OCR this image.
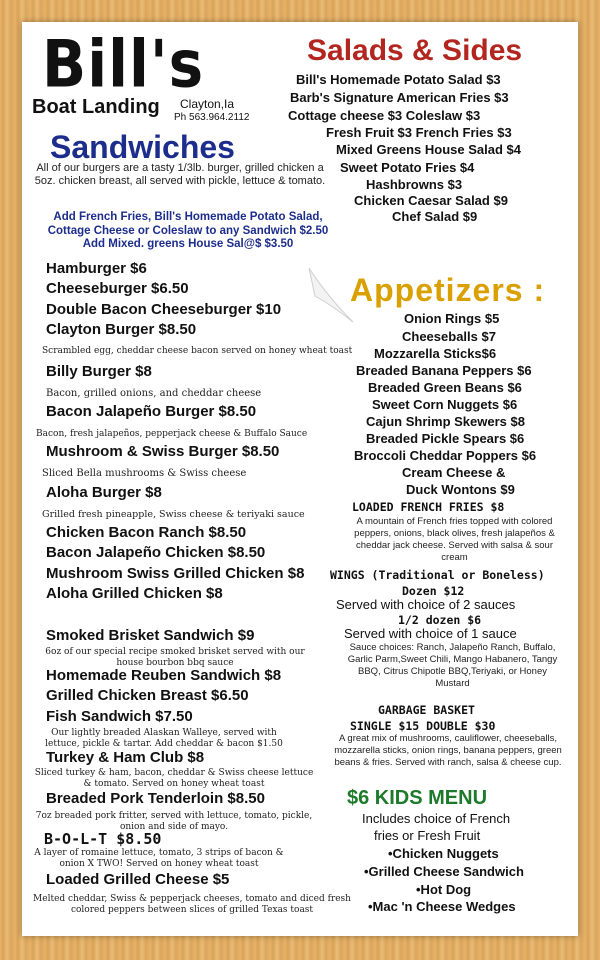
Bill's
Boat Landing Clayton,Ia
Ph 563.964.2112
Sandwiches
All of our burgers are a tasty 1/3lb. burger, grilled chicken a 5oz. chicken breast, all served with pickle, lettuce & tomato.
Add French Fries, Bill's Homemade Potato Salad,
Cottage Cheese or Coleslaw to any Sandwich $2.50
Add Mixed. greens House Sal@$ $3.50
Hamburger $6
Cheeseburger $6.50
Double Bacon Cheeseburger $10
Clayton Burger $8.50
Scrambled egg, cheddar cheese bacon served on honey wheat toast
Billy Burger $8
Bacon, grilled onions, and cheddar cheese
Bacon Jalapeño Burger $8.50
Bacon, fresh jalapeños, pepperjack cheese & Buffalo Sauce
Mushroom & Swiss Burger $8.50
Sliced Bella mushrooms & Swiss cheese
Aloha Burger $8
Grilled fresh pineapple, Swiss cheese & teriyaki sauce
Chicken Bacon Ranch $8.50
Bacon Jalapeño Chicken $8.50
Mushroom Swiss Grilled Chicken $8
Aloha Grilled Chicken $8
Smoked Brisket Sandwich $9
6oz of our special recipe smoked brisket served with our house bourbon bbq sauce
Homemade Reuben Sandwich $8
Grilled Chicken Breast $6.50
Fish Sandwich $7.50
Our lightly breaded Alaskan Walleye, served with lettuce, pickle & tartar. Add cheddar & bacon $1.50
Turkey & Ham Club $8
Sliced turkey & ham, bacon, cheddar & Swiss cheese lettuce & tomato. Served on honey wheat toast
Breaded Pork Tenderloin $8.50
7oz breaded pork fritter, served with lettuce, tomato, pickle, onion and side of mayo.
B-O-L-T $8.50
A layer of romaine lettuce, tomato, 3 strips of bacon & onion X TWO! Served on honey wheat toast
Loaded Grilled Cheese $5
Melted cheddar, Swiss & pepperjack cheeses, tomato and diced fresh colored peppers between slices of grilled Texas toast
Salads & Sides
Bill's Homemade Potato Salad $3
Barb's Signature American Fries $3
Cottage cheese $3 Coleslaw $3
Fresh Fruit $3 French Fries $3
Mixed Greens House Salad $4
Sweet Potato Fries $4
Hashbrowns $3
Chicken Caesar Salad $9
Chef Salad $9
Appetizers :
Onion Rings $5
Cheeseballs $7
Mozzarella Sticks$6
Breaded Banana Peppers $6
Breaded Green Beans $6
Sweet Corn Nuggets $6
Cajun Shrimp Skewers $8
Breaded Pickle Spears $6
Broccoli Cheddar Poppers $6
Cream Cheese &
Duck Wontons $9
LOADED FRENCH FRIES $8
A mountain of French fries topped with colored peppers, onions, black olives, fresh jalapeños & cheddar jack cheese. Served with salsa & sour cream
WINGS (Traditional or Boneless)
Dozen $12
Served with choice of 2 sauces
1/2 dozen $6
Served with choice of 1 sauce
Sauce choices: Ranch, Jalapeño Ranch, Buffalo, Garlic Parm,Sweet Chili, Mango Habanero, Tangy BBQ, Citrus Chipotle BBQ,Teriyaki, or Honey Mustard
GARBAGE BASKET
SINGLE $15 DOUBLE $30
A great mix of mushrooms, cauliflower, cheeseballs, mozzarella sticks, onion rings, banana peppers, green beans & fries. Served with ranch, salsa & cheese cup.
$6 KIDS MENU
Includes choice of French
fries or Fresh Fruit
•Chicken Nuggets
•Grilled Cheese Sandwich
•Hot Dog
•Mac 'n Cheese Wedges
